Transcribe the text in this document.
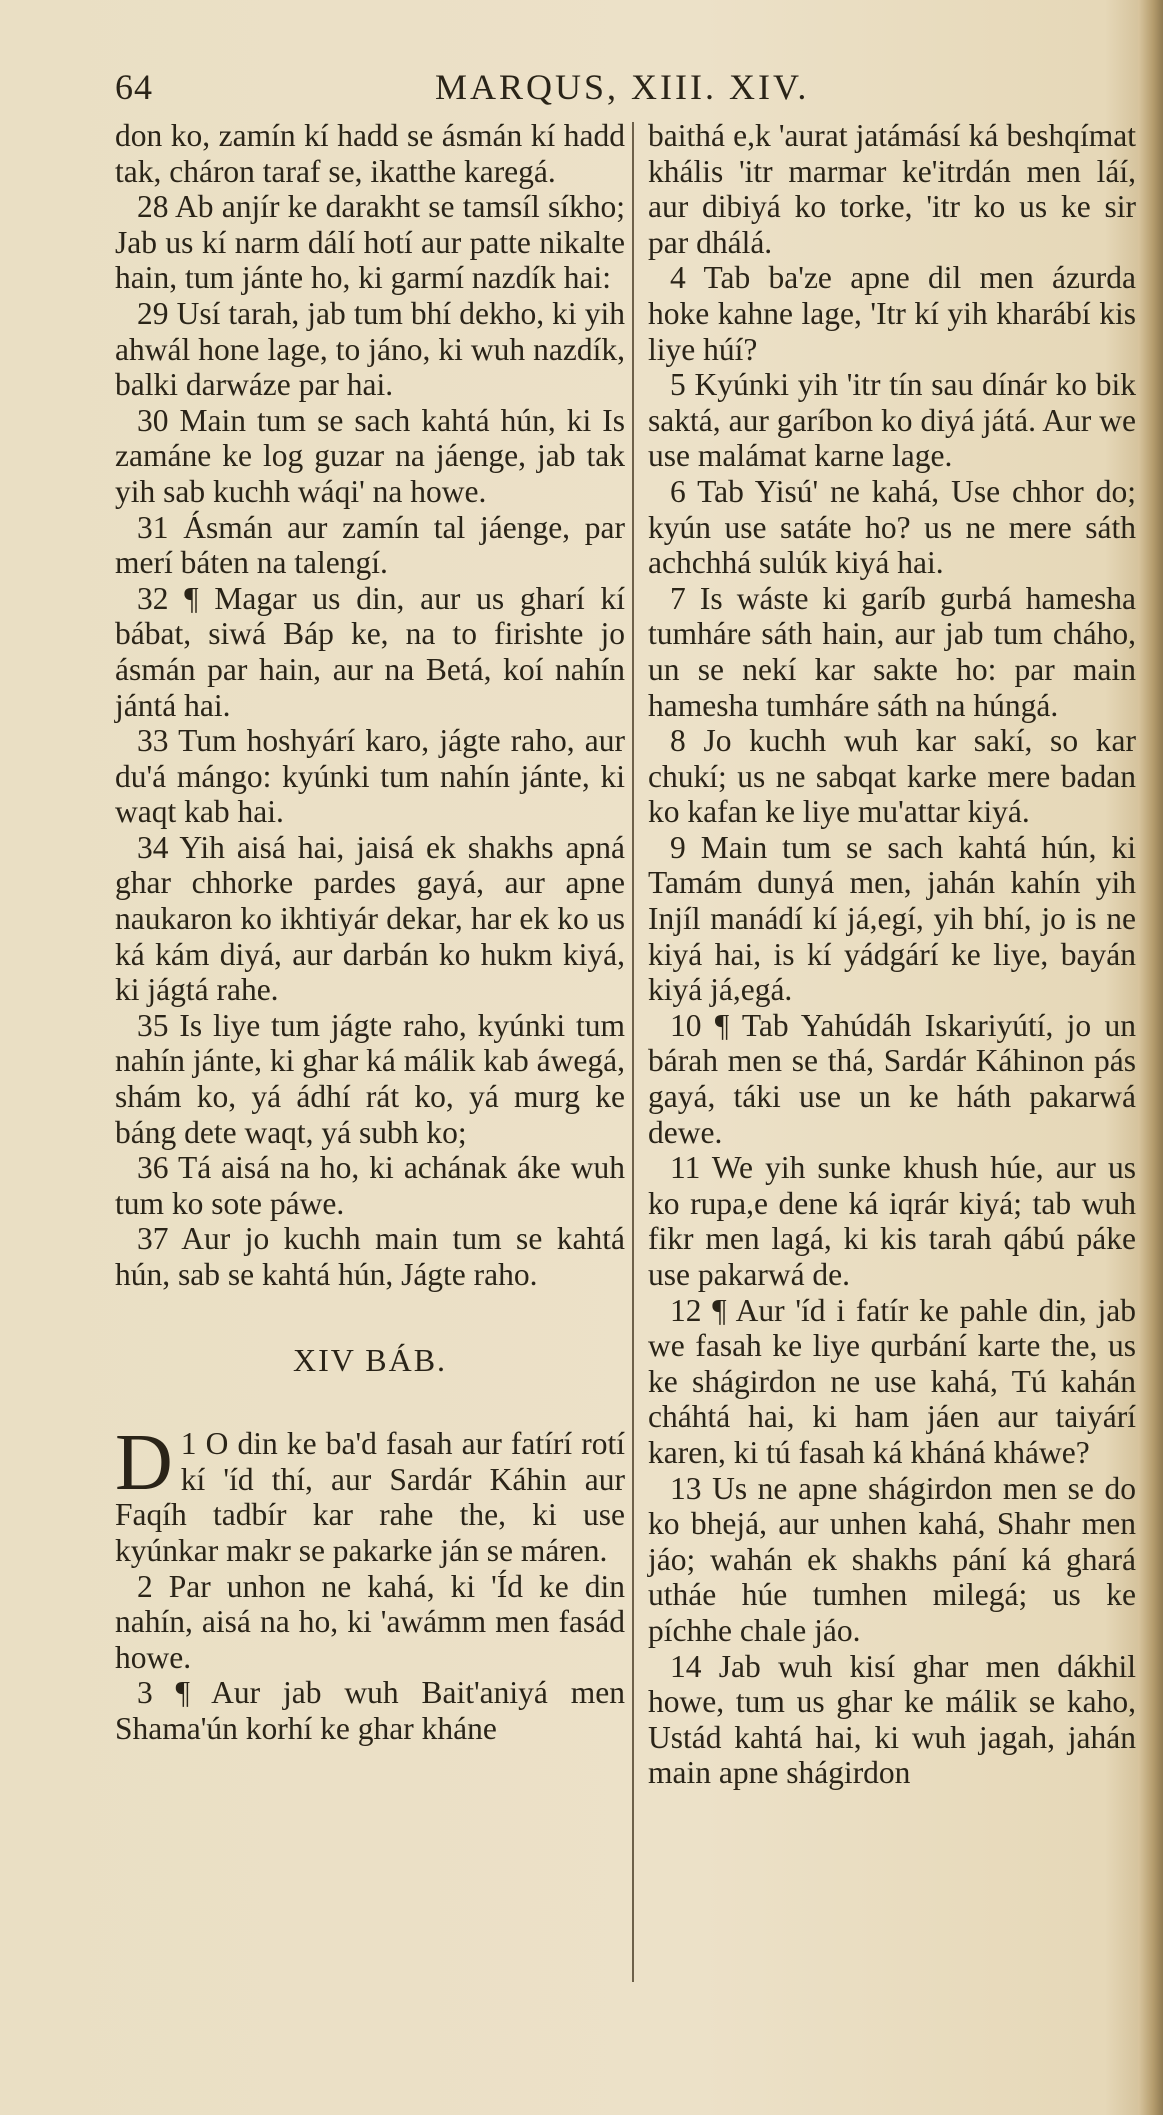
64	MARQUS, XIII. XIV.

don ko, zamín kí hadd se ásmán kí hadd tak, cháron taraf se, ikatthe karegá.

28 Ab anjír ke darakht se tamsíl síkho; Jab us kí narm dálí hotí aur patte nikalte hain, tum jánte ho, ki garmí nazdík hai:

29 Usí tarah, jab tum bhí dekho, ki yih ahwál hone lage, to jáno, ki wuh nazdík, balki darwáze par hai.

30 Main tum se sach kahtá hún, ki Is zamáne ke log guzar na jáenge, jab tak yih sab kuchh wáqi' na howe.

31 Ásmán aur zamín tal jáenge, par merí báten na talengí.

32 ¶ Magar us din, aur us gharí kí bábat, siwá Báp ke, na to firishte jo ásmán par hain, aur na Betá, koí nahín jántá hai.

33 Tum hoshyárí karo, jágte raho, aur du'á mángo: kyúnki tum nahín jánte, ki waqt kab hai.

34 Yih aisá hai, jaisá ek shakhs apná ghar chhorke pardes gayá, aur apne naukaron ko ikhtiyár dekar, har ek ko us ká kám diyá, aur darbán ko hukm kiyá, ki jágtá rahe.

35 Is liye tum jágte raho, kyúnki tum nahín jánte, ki ghar ká málik kab áwegá, shám ko, yá ádhí rát ko, yá murg ke báng dete waqt, yá subh ko;

36 Tá aisá na ho, ki achának áke wuh tum ko sote páwe.

37 Aur jo kuchh main tum se kahtá hún, sab se kahtá hún, Jágte raho.

XIV BÁB.

1
D O din ke ba'd fasah aur fatírí rotí kí 'íd thí, aur Sardár Káhin aur Faqíh tadbír kar rahe the, ki use kyúnkar makr se pakarke ján se máren.

2 Par unhon ne kahá, ki 'Íd ke din nahín, aisá na ho, ki 'awámm men fasád howe.

3 ¶ Aur jab wuh Bait'aniyá men Shama'ún korhí ke ghar kháne

baithá e,k 'aurat jatámásí ká beshqímat khális 'itr marmar ke'itrdán men láí, aur dibiyá ko torke, 'itr ko us ke sir par dhálá.

4 Tab ba'ze apne dil men ázurda hoke kahne lage, 'Itr kí yih kharábí kis liye húí?

5 Kyúnki yih 'itr tín sau dínár ko bik saktá, aur garíbon ko diyá játá. Aur we use malámat karne lage.

6 Tab Yisú' ne kahá, Use chhor do; kyún use satáte ho? us ne mere sáth achchhá sulúk kiyá hai.

7 Is wáste ki garíb gurbá hamesha tumháre sáth hain, aur jab tum cháho, un se nekí kar sakte ho: par main hamesha tumháre sáth na húngá.

8 Jo kuchh wuh kar sakí, so kar chukí; us ne sabqat karke mere badan ko kafan ke liye mu'attar kiyá.

9 Main tum se sach kahtá hún, ki Tamám dunyá men, jahán kahín yih Injíl manádí kí já,egí, yih bhí, jo is ne kiyá hai, is kí yádgárí ke liye, bayán kiyá já,egá.

10 ¶ Tab Yahúdáh Iskariyútí, jo un bárah men se thá, Sardár Káhinon pás gayá, táki use un ke háth pakarwá dewe.

11 We yih sunke khush húe, aur us ko rupa,e dene ká iqrár kiyá; tab wuh fikr men lagá, ki kis tarah qábú páke use pakarwá de.

12 ¶ Aur 'íd i fatír ke pahle din, jab we fasah ke liye qurbání karte the, us ke shágirdon ne use kahá, Tú kahán cháhtá hai, ki ham jáen aur taiyárí karen, ki tú fasah ká kháná kháwe?

13 Us ne apne shágirdon men se do ko bhejá, aur unhen kahá, Shahr men jáo; wahán ek shakhs pání ká ghará utháe húe tumhen milegá; us ke píchhe chale jáo.

14 Jab wuh kisí ghar men dákhil howe, tum us ghar ke málik se kaho, Ustád kahtá hai, ki wuh jagah, jahán main apne shágirdon
